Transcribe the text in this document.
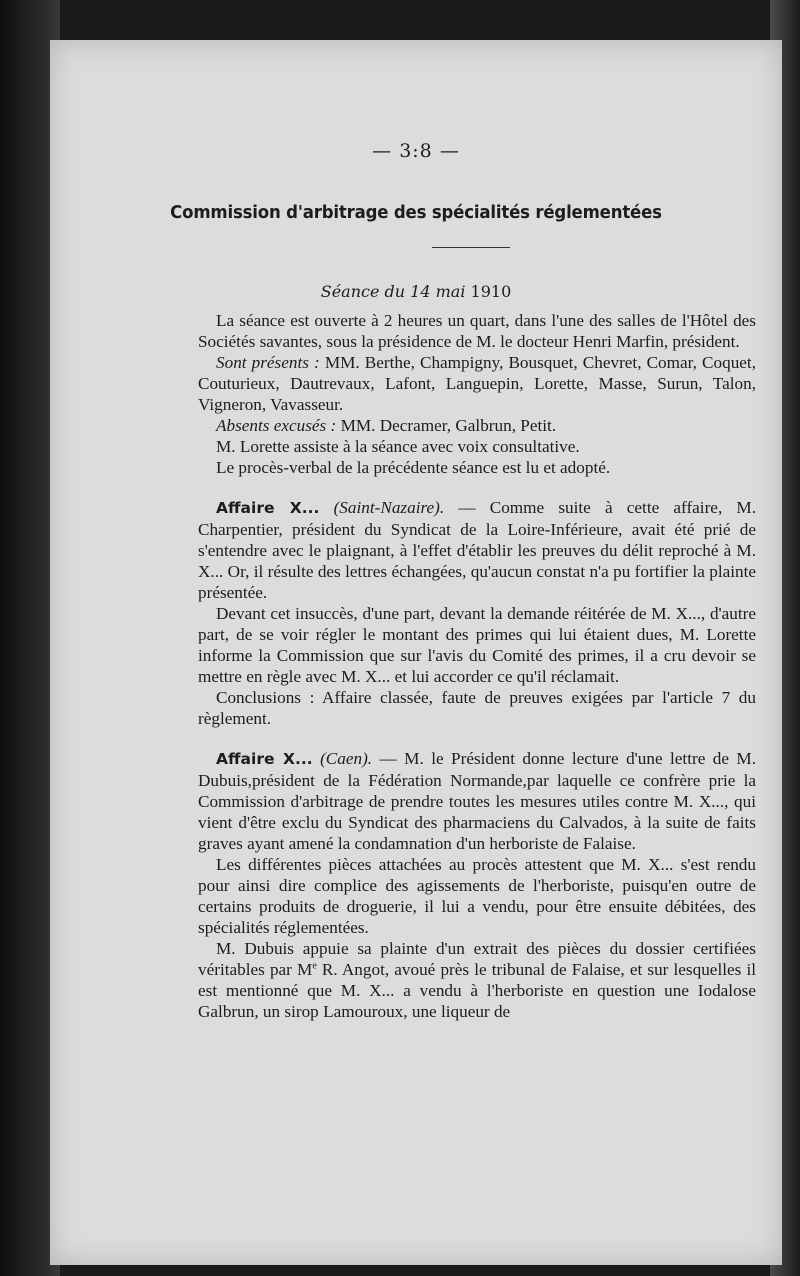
— 3:8 —
Commission d'arbitrage des spécialités réglementées
Séance du 14 mai 1910

La séance est ouverte à 2 heures un quart, dans l'une des salles de l'Hôtel des Sociétés savantes, sous la présidence de M. le docteur Henri Marfin, président.

Sont présents : MM. Berthe, Champigny, Bousquet, Chevret, Comar, Coquet, Couturieux, Dautrevaux, Lafont, Languepin, Lorette, Masse, Surun, Talon, Vigneron, Vavasseur.

Absents excusés : MM. Decramer, Galbrun, Petit.

M. Lorette assiste à la séance avec voix consultative.

Le procès-verbal de la précédente séance est lu et adopté.

Affaire X... (Saint-Nazaire). — Comme suite à cette affaire, M. Charpentier, président du Syndicat de la Loire-Inférieure, avait été prié de s'entendre avec le plaignant, à l'effet d'établir les preuves du délit reproché à M. X... Or, il résulte des lettres échangées, qu'aucun constat n'a pu fortifier la plainte présentée.

Devant cet insuccès, d'une part, devant la demande réitérée de M. X..., d'autre part, de se voir régler le montant des primes qui lui étaient dues, M. Lorette informe la Commission que sur l'avis du Comité des primes, il a cru devoir se mettre en règle avec M. X... et lui accorder ce qu'il réclamait.

Conclusions : Affaire classée, faute de preuves exigées par l'article 7 du règlement.

Affaire X... (Caen). — M. le Président donne lecture d'une lettre de M. Dubuis,président de la Fédération Normande,par laquelle ce confrère prie la Commission d'arbitrage de prendre toutes les mesures utiles contre M. X..., qui vient d'être exclu du Syndicat des pharmaciens du Calvados, à la suite de faits graves ayant amené la condamnation d'un herboriste de Falaise.

Les différentes pièces attachées au procès attestent que M. X... s'est rendu pour ainsi dire complice des agissements de l'herboriste, puisqu'en outre de certains produits de droguerie, il lui a vendu, pour être ensuite débitées, des spécialités réglementées.

M. Dubuis appuie sa plainte d'un extrait des pièces du dossier certifiées véritables par Me R. Angot, avoué près le tribunal de Falaise, et sur lesquelles il est mentionné que M. X... a vendu à l'herboriste en question une Iodalose Galbrun, un sirop Lamouroux, une liqueur de
